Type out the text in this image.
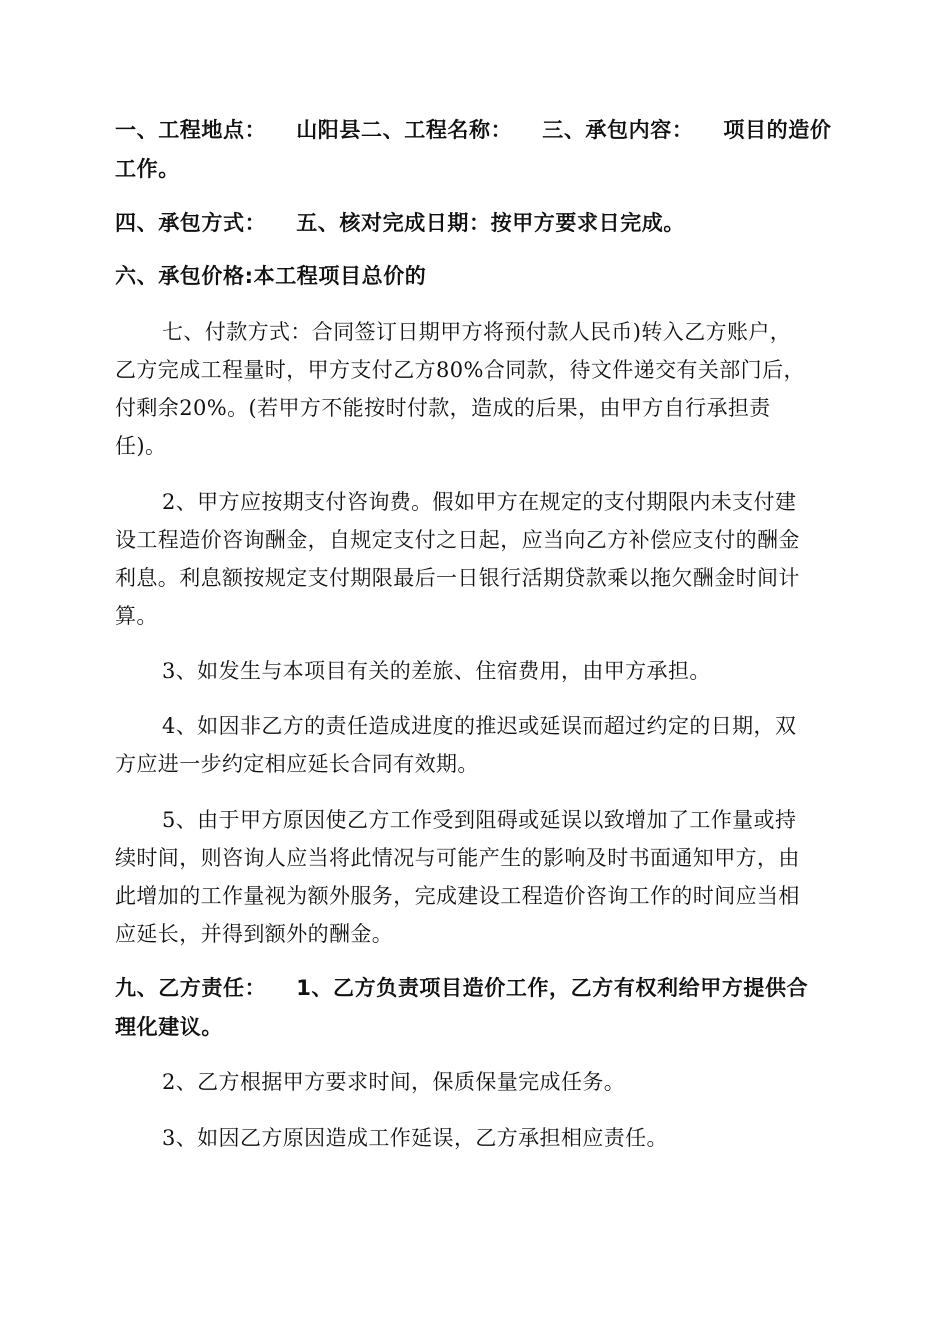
一、工程地点： 山阳县二、工程名称： 三、承包内容： 项目的造价
工作。
四、承包方式： 五、核对完成日期：按甲方要求日完成。
六、承包价格:本工程项目总价的
七、付款方式：合同签订日期甲方将预付款人民币)转入乙方账户，
乙方完成工程量时，甲方支付乙方80%合同款，待文件递交有关部门后，
付剩余20%。(若甲方不能按时付款，造成的后果，由甲方自行承担责
任)。
2、甲方应按期支付咨询费。假如甲方在规定的支付期限内未支付建
设工程造价咨询酬金，自规定支付之日起，应当向乙方补偿应支付的酬金
利息。利息额按规定支付期限最后一日银行活期贷款乘以拖欠酬金时间计
算。
3、如发生与本项目有关的差旅、住宿费用，由甲方承担。
4、如因非乙方的责任造成进度的推迟或延误而超过约定的日期，双
方应进一步约定相应延长合同有效期。
5、由于甲方原因使乙方工作受到阻碍或延误以致增加了工作量或持
续时间，则咨询人应当将此情况与可能产生的影响及时书面通知甲方，由
此增加的工作量视为额外服务，完成建设工程造价咨询工作的时间应当相
应延长，并得到额外的酬金。
九、乙方责任： 1、乙方负责项目造价工作，乙方有权利给甲方提供合
理化建议。
2、乙方根据甲方要求时间，保质保量完成任务。
3、如因乙方原因造成工作延误，乙方承担相应责任。
